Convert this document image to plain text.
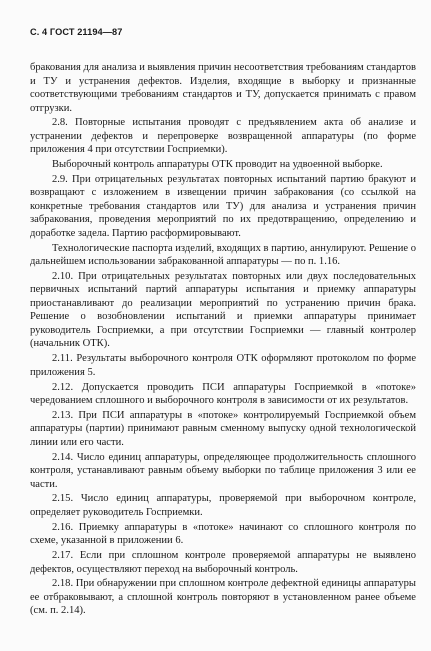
С. 4 ГОСТ 21194—87

бракования для анализа и выявления причин несоответствия требованиям стандартов и ТУ и устранения дефектов. Изделия, входящие в выборку и признанные соответствующими требованиям стандартов и ТУ, допускается принимать с правом отгрузки.

2.8. Повторные испытания проводят с предъявлением акта об анализе и устранении дефектов и перепроверке возвращенной аппаратуры (по форме приложения 4 при отсутствии Госприемки).

Выборочный контроль аппаратуры ОТК проводит на удвоенной выборке.

2.9. При отрицательных результатах повторных испытаний партию бракуют и возвращают с изложением в извещении причин забракования (со ссылкой на конкретные требования стандартов или ТУ) для анализа и устранения причин забракования, проведения мероприятий по их предотвращению, определению и доработке задела. Партию расформировывают.

Технологические паспорта изделий, входящих в партию, аннулируют. Решение о дальнейшем использовании забракованной аппаратуры — по п. 1.16.

2.10. При отрицательных результатах повторных или двух последовательных первичных испытаний партий аппаратуры испытания и приемку аппаратуры приостанавливают до реализации мероприятий по устранению причин брака. Решение о возобновлении испытаний и приемки аппаратуры принимает руководитель Госприемки, а при отсутствии Госприемки — главный контролер (начальник ОТК).

2.11. Результаты выборочного контроля ОТК оформляют протоколом по форме приложения 5.

2.12. Допускается проводить ПСИ аппаратуры Госприемкой в «потоке» чередованием сплошного и выборочного контроля в зависимости от их результатов.

2.13. При ПСИ аппаратуры в «потоке» контролируемый Госприемкой объем аппаратуры (партии) принимают равным сменному выпуску одной технологической линии или его части.

2.14. Число единиц аппаратуры, определяющее продолжительность сплошного контроля, устанавливают равным объему выборки по таблице приложения 3 или ее части.

2.15. Число единиц аппаратуры, проверяемой при выборочном контроле, определяет руководитель Госприемки.

2.16. Приемку аппаратуры в «потоке» начинают со сплошного контроля по схеме, указанной в приложении 6.

2.17. Если при сплошном контроле проверяемой аппаратуры не выявлено дефектов, осуществляют переход на выборочный контроль.

2.18. При обнаружении при сплошном контроле дефектной единицы аппаратуры ее отбраковывают, а сплошной контроль повторяют в установленном ранее объеме (см. п. 2.14).
